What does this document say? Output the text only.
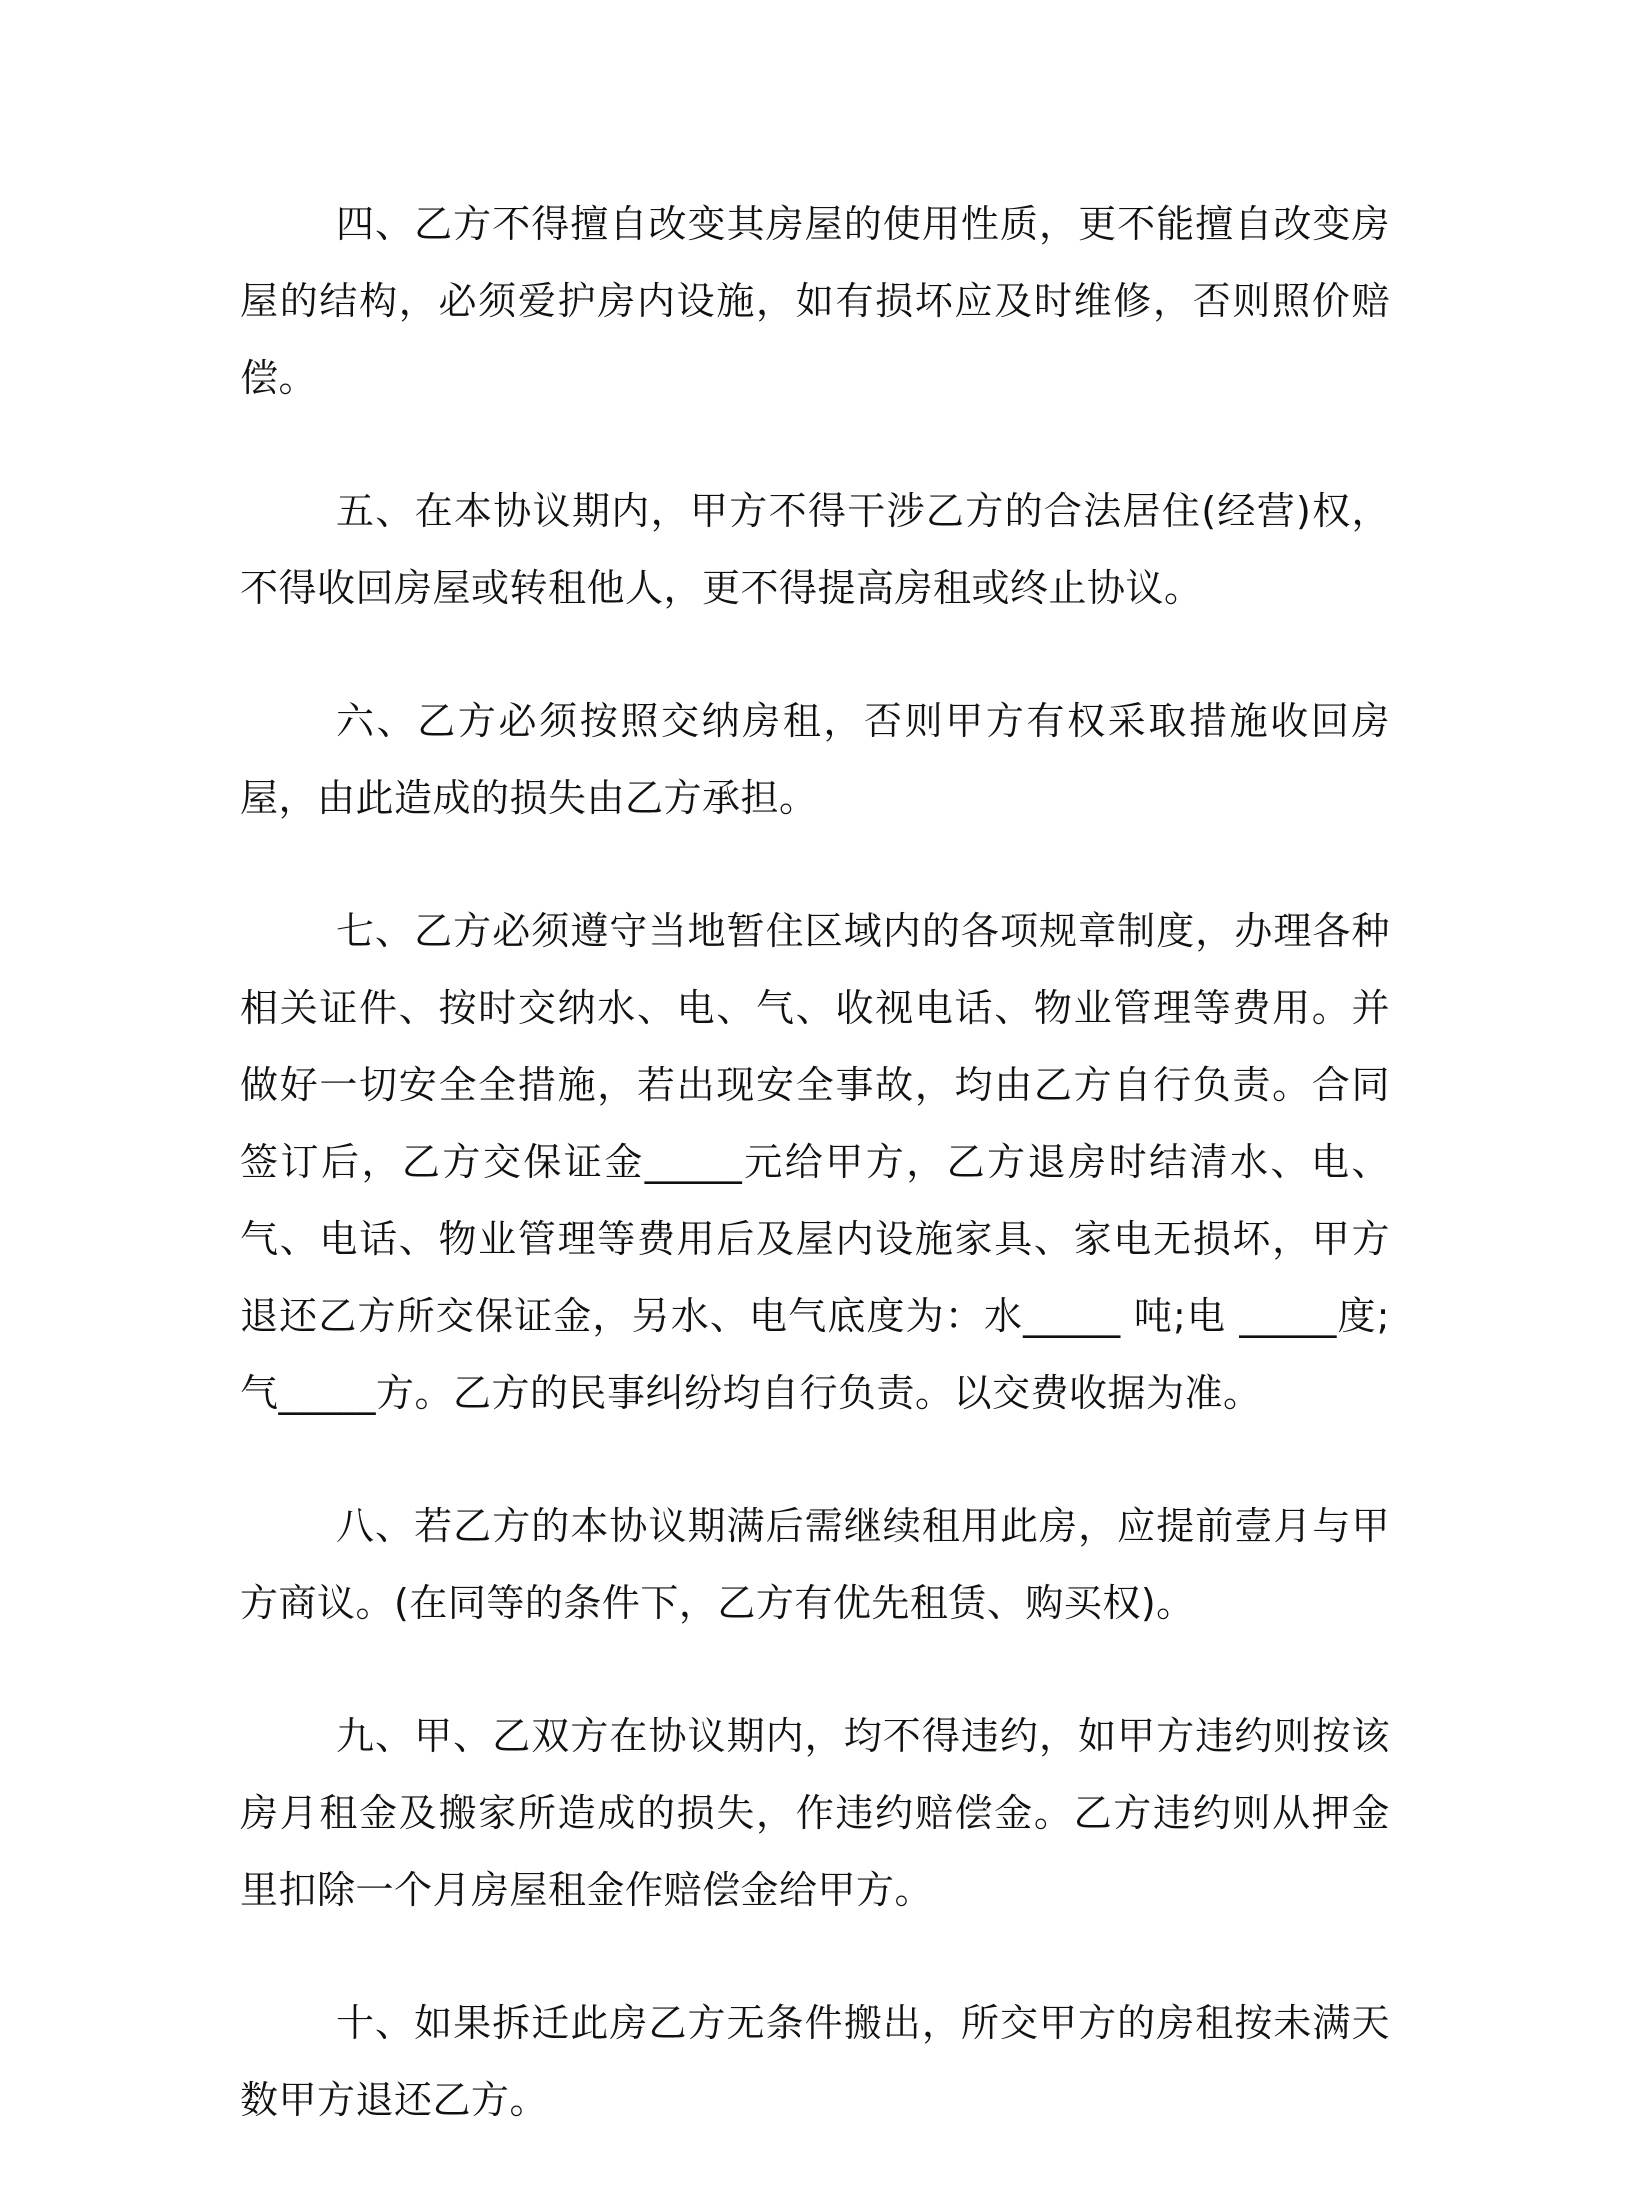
四、乙方不得擅自改变其房屋的使用性质，更不能擅自改变房屋的结构，必须爱护房内设施，如有损坏应及时维修，否则照价赔偿。

五、在本协议期内，甲方不得干涉乙方的合法居住(经营)权，不得收回房屋或转租他人，更不得提高房租或终止协议。

六、乙方必须按照交纳房租，否则甲方有权采取措施收回房屋，由此造成的损失由乙方承担。

七、乙方必须遵守当地暂住区域内的各项规章制度，办理各种相关证件、按时交纳水、电、气、收视电话、物业管理等费用。并做好一切安全全措施，若出现安全事故，均由乙方自行负责。合同签订后，乙方交保证金_____元给甲方，乙方退房时结清水、电、气、电话、物业管理等费用后及屋内设施家具、家电无损坏，甲方退还乙方所交保证金，另水、电气底度为：水_____ 吨;电 _____度;气_____方。乙方的民事纠纷均自行负责。以交费收据为准。

八、若乙方的本协议期满后需继续租用此房，应提前壹月与甲方商议。(在同等的条件下，乙方有优先租赁、购买权)。

九、甲、乙双方在协议期内，均不得违约，如甲方违约则按该房月租金及搬家所造成的损失，作违约赔偿金。乙方违约则从押金里扣除一个月房屋租金作赔偿金给甲方。

十、如果拆迁此房乙方无条件搬出，所交甲方的房租按未满天数甲方退还乙方。
